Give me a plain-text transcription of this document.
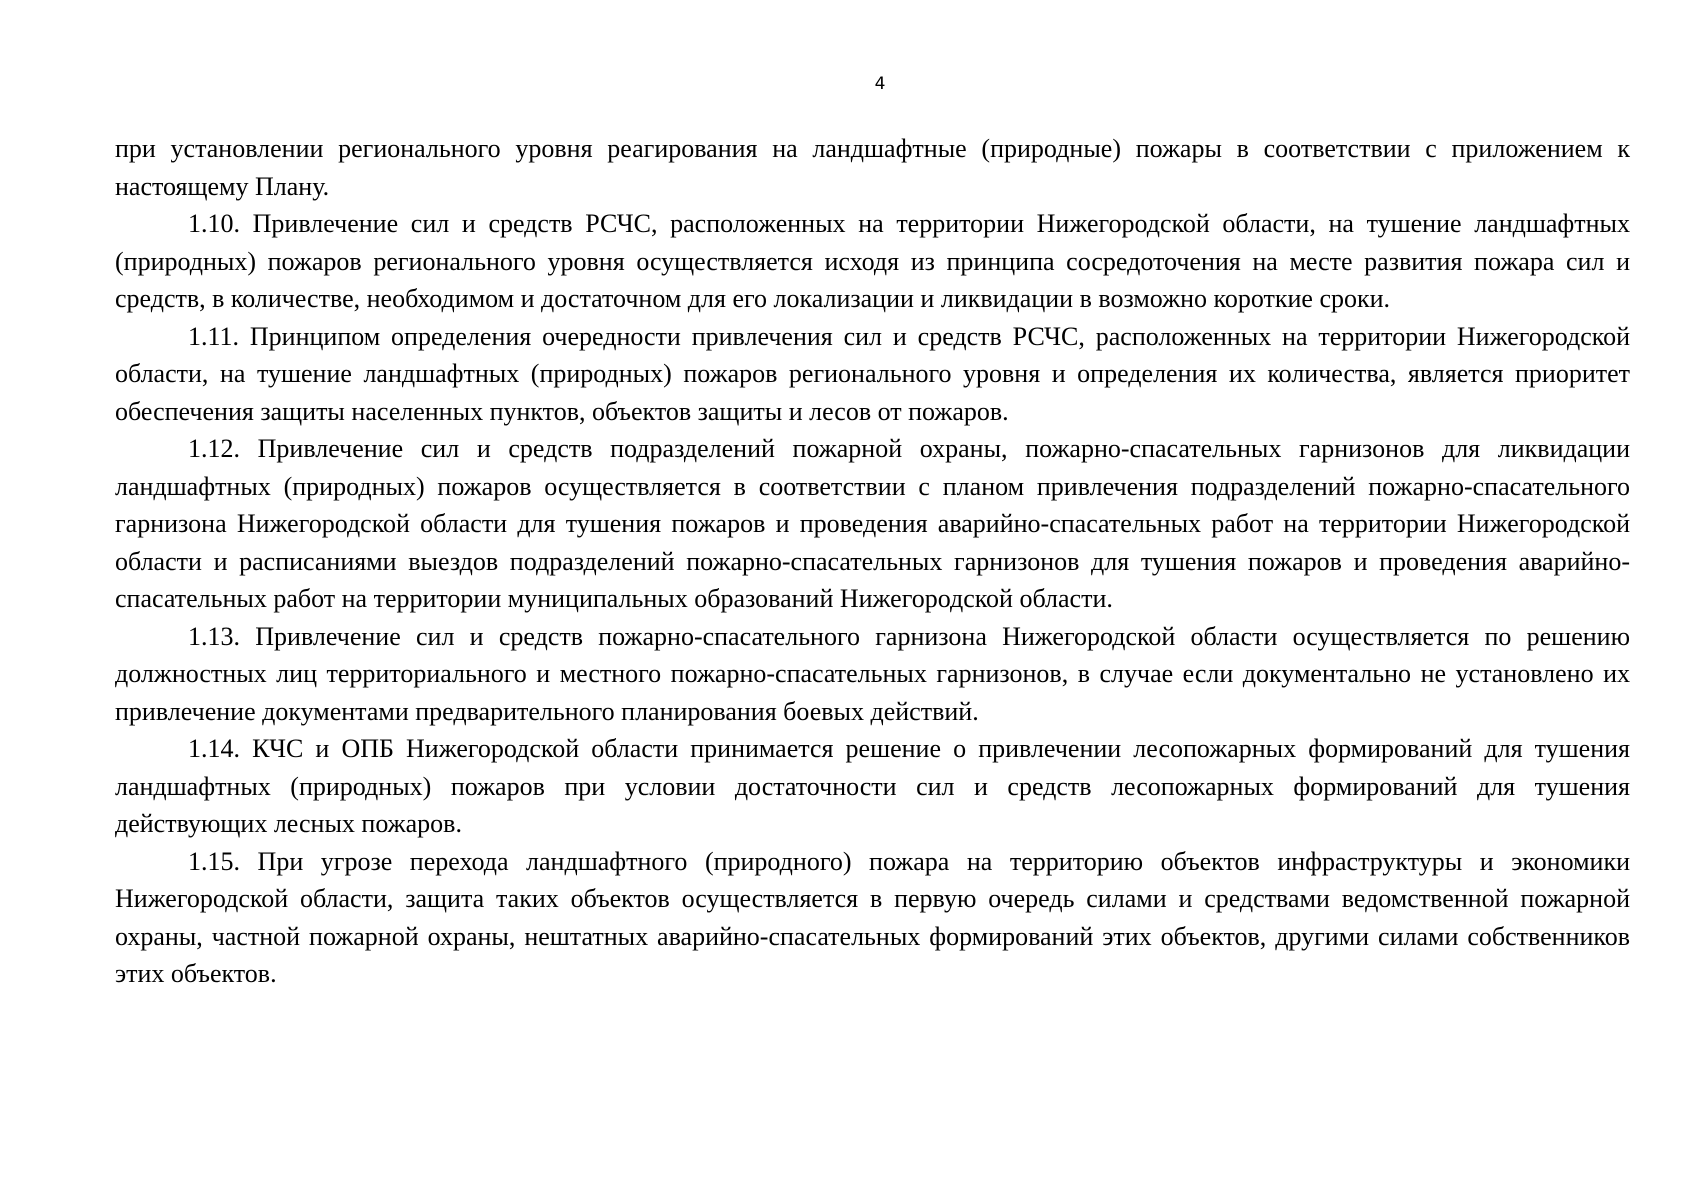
4

при установлении регионального уровня реагирования на ландшафтные (природные) пожары в соответствии с приложением к настоящему Плану.

1.10. Привлечение сил и средств РСЧС, расположенных на территории Нижегородской области, на тушение ландшафтных (природных) пожаров регионального уровня осуществляется исходя из принципа сосредоточения на месте развития пожара сил и средств, в количестве, необходимом и достаточном для его локализации и ликвидации в возможно короткие сроки.

1.11. Принципом определения очередности привлечения сил и средств РСЧС, расположенных на территории Нижегородской области, на тушение ландшафтных (природных) пожаров регионального уровня и определения их количества, является приоритет обеспечения защиты населенных пунктов, объектов защиты и лесов от пожаров.

1.12. Привлечение сил и средств подразделений пожарной охраны, пожарно-спасательных гарнизонов для ликвидации ландшафтных (природных) пожаров осуществляется в соответствии с планом привлечения подразделений пожарно-спасательного гарнизона Нижегородской области для тушения пожаров и проведения аварийно-спасательных работ на территории Нижегородской области и расписаниями выездов подразделений пожарно-спасательных гарнизонов для тушения пожаров и проведения аварийно-спасательных работ на территории муниципальных образований Нижегородской области.

1.13. Привлечение сил и средств пожарно-спасательного гарнизона Нижегородской области осуществляется по решению должностных лиц территориального и местного пожарно-спасательных гарнизонов, в случае если документально не установлено их привлечение документами предварительного планирования боевых действий.

1.14. КЧС и ОПБ Нижегородской области принимается решение о привлечении лесопожарных формирований для тушения ландшафтных (природных) пожаров при условии достаточности сил и средств лесопожарных формирований для тушения действующих лесных пожаров.

1.15. При угрозе перехода ландшафтного (природного) пожара на территорию объектов инфраструктуры и экономики Нижегородской области, защита таких объектов осуществляется в первую очередь силами и средствами ведомственной пожарной охраны, частной пожарной охраны, нештатных аварийно-спасательных формирований этих объектов, другими силами собственников этих объектов.
